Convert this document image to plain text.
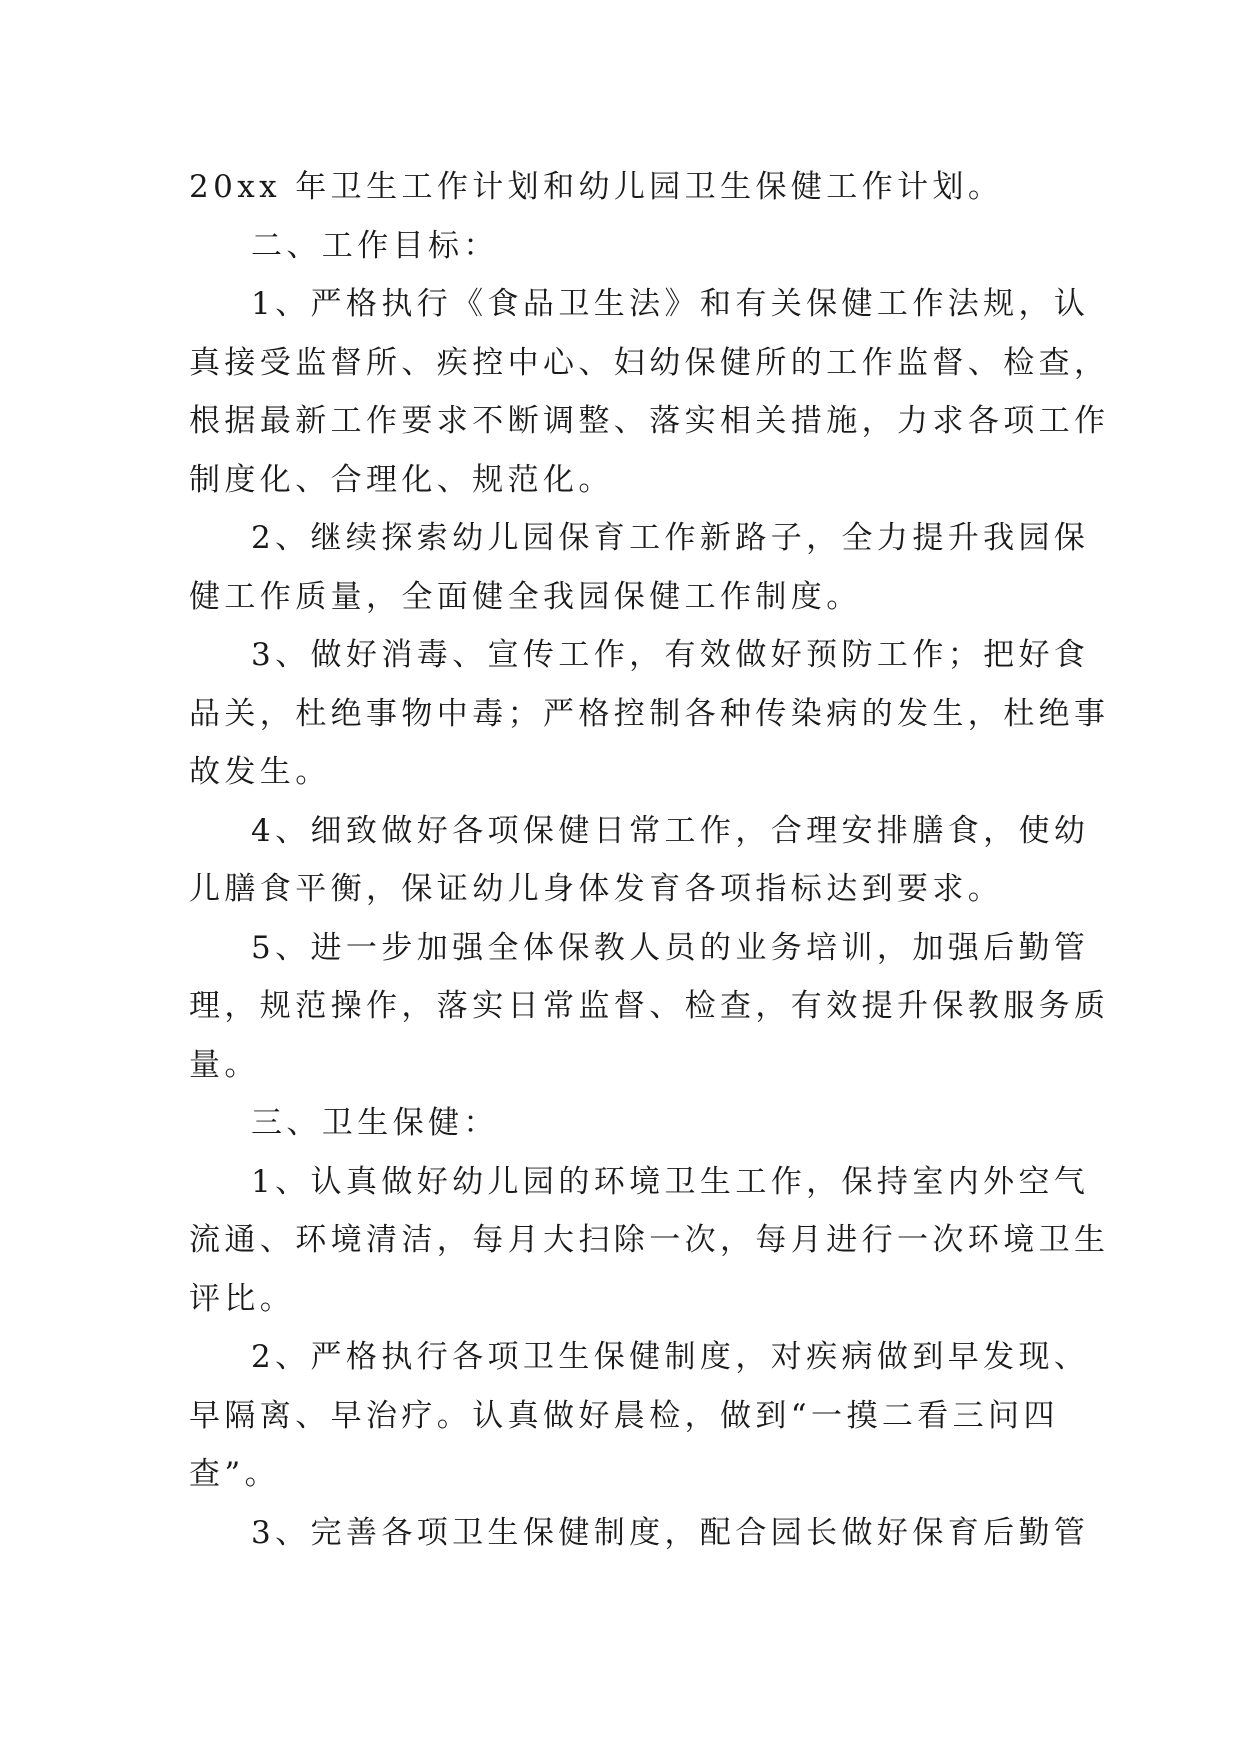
20xx 年卫生工作计划和幼儿园卫生保健工作计划。
二、工作目标：
1、严格执行《食品卫生法》和有关保健工作法规，认
真接受监督所、疾控中心、妇幼保健所的工作监督、检查，
根据最新工作要求不断调整、落实相关措施，力求各项工作
制度化、合理化、规范化。
2、继续探索幼儿园保育工作新路子，全力提升我园保
健工作质量，全面健全我园保健工作制度。
3、做好消毒、宣传工作，有效做好预防工作；把好食
品关，杜绝事物中毒；严格控制各种传染病的发生，杜绝事
故发生。
4、细致做好各项保健日常工作，合理安排膳食，使幼
儿膳食平衡，保证幼儿身体发育各项指标达到要求。
5、进一步加强全体保教人员的业务培训，加强后勤管
理，规范操作，落实日常监督、检查，有效提升保教服务质
量。
三、卫生保健：
1、认真做好幼儿园的环境卫生工作，保持室内外空气
流通、环境清洁，每月大扫除一次，每月进行一次环境卫生
评比。
2、严格执行各项卫生保健制度，对疾病做到早发现、
早隔离、早治疗。认真做好晨检，做到“一摸二看三问四
查”。
3、完善各项卫生保健制度，配合园长做好保育后勤管
